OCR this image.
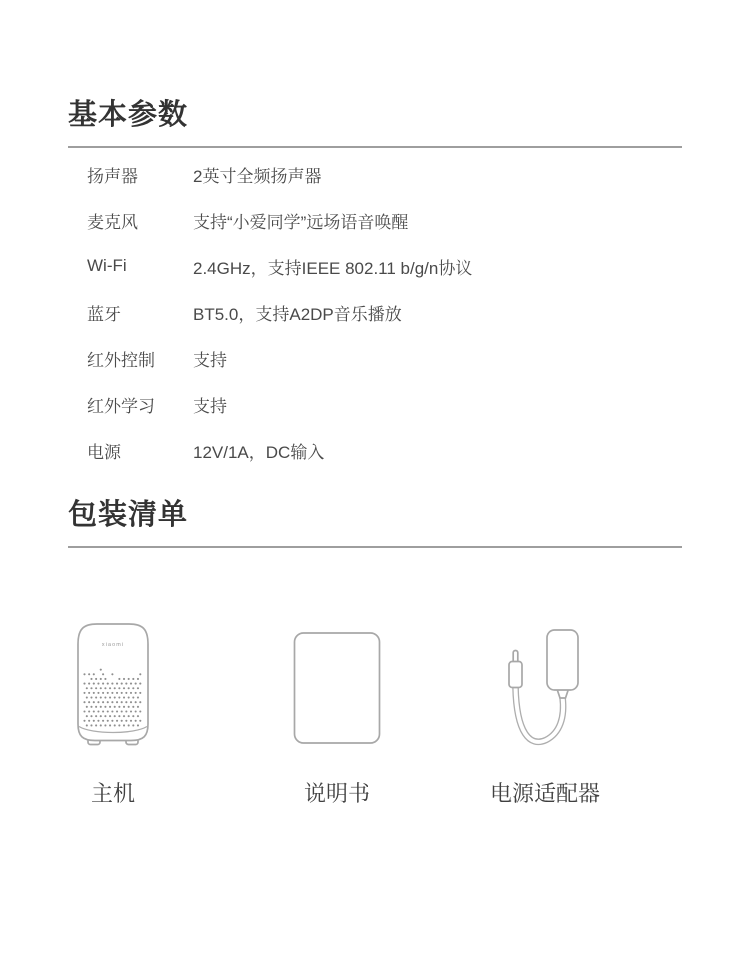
基本参数
扬声器	2英寸全频扬声器
麦克风	支持“小爱同学”远场语音唤醒
Wi-Fi	2.4GHz，支持IEEE 802.11 b/g/n协议
蓝牙	BT5.0，支持A2DP音乐播放
红外控制	支持
红外学习	支持
电源	12V/1A，DC输入
包装清单
xiaomi
主机	说明书	电源适配器
